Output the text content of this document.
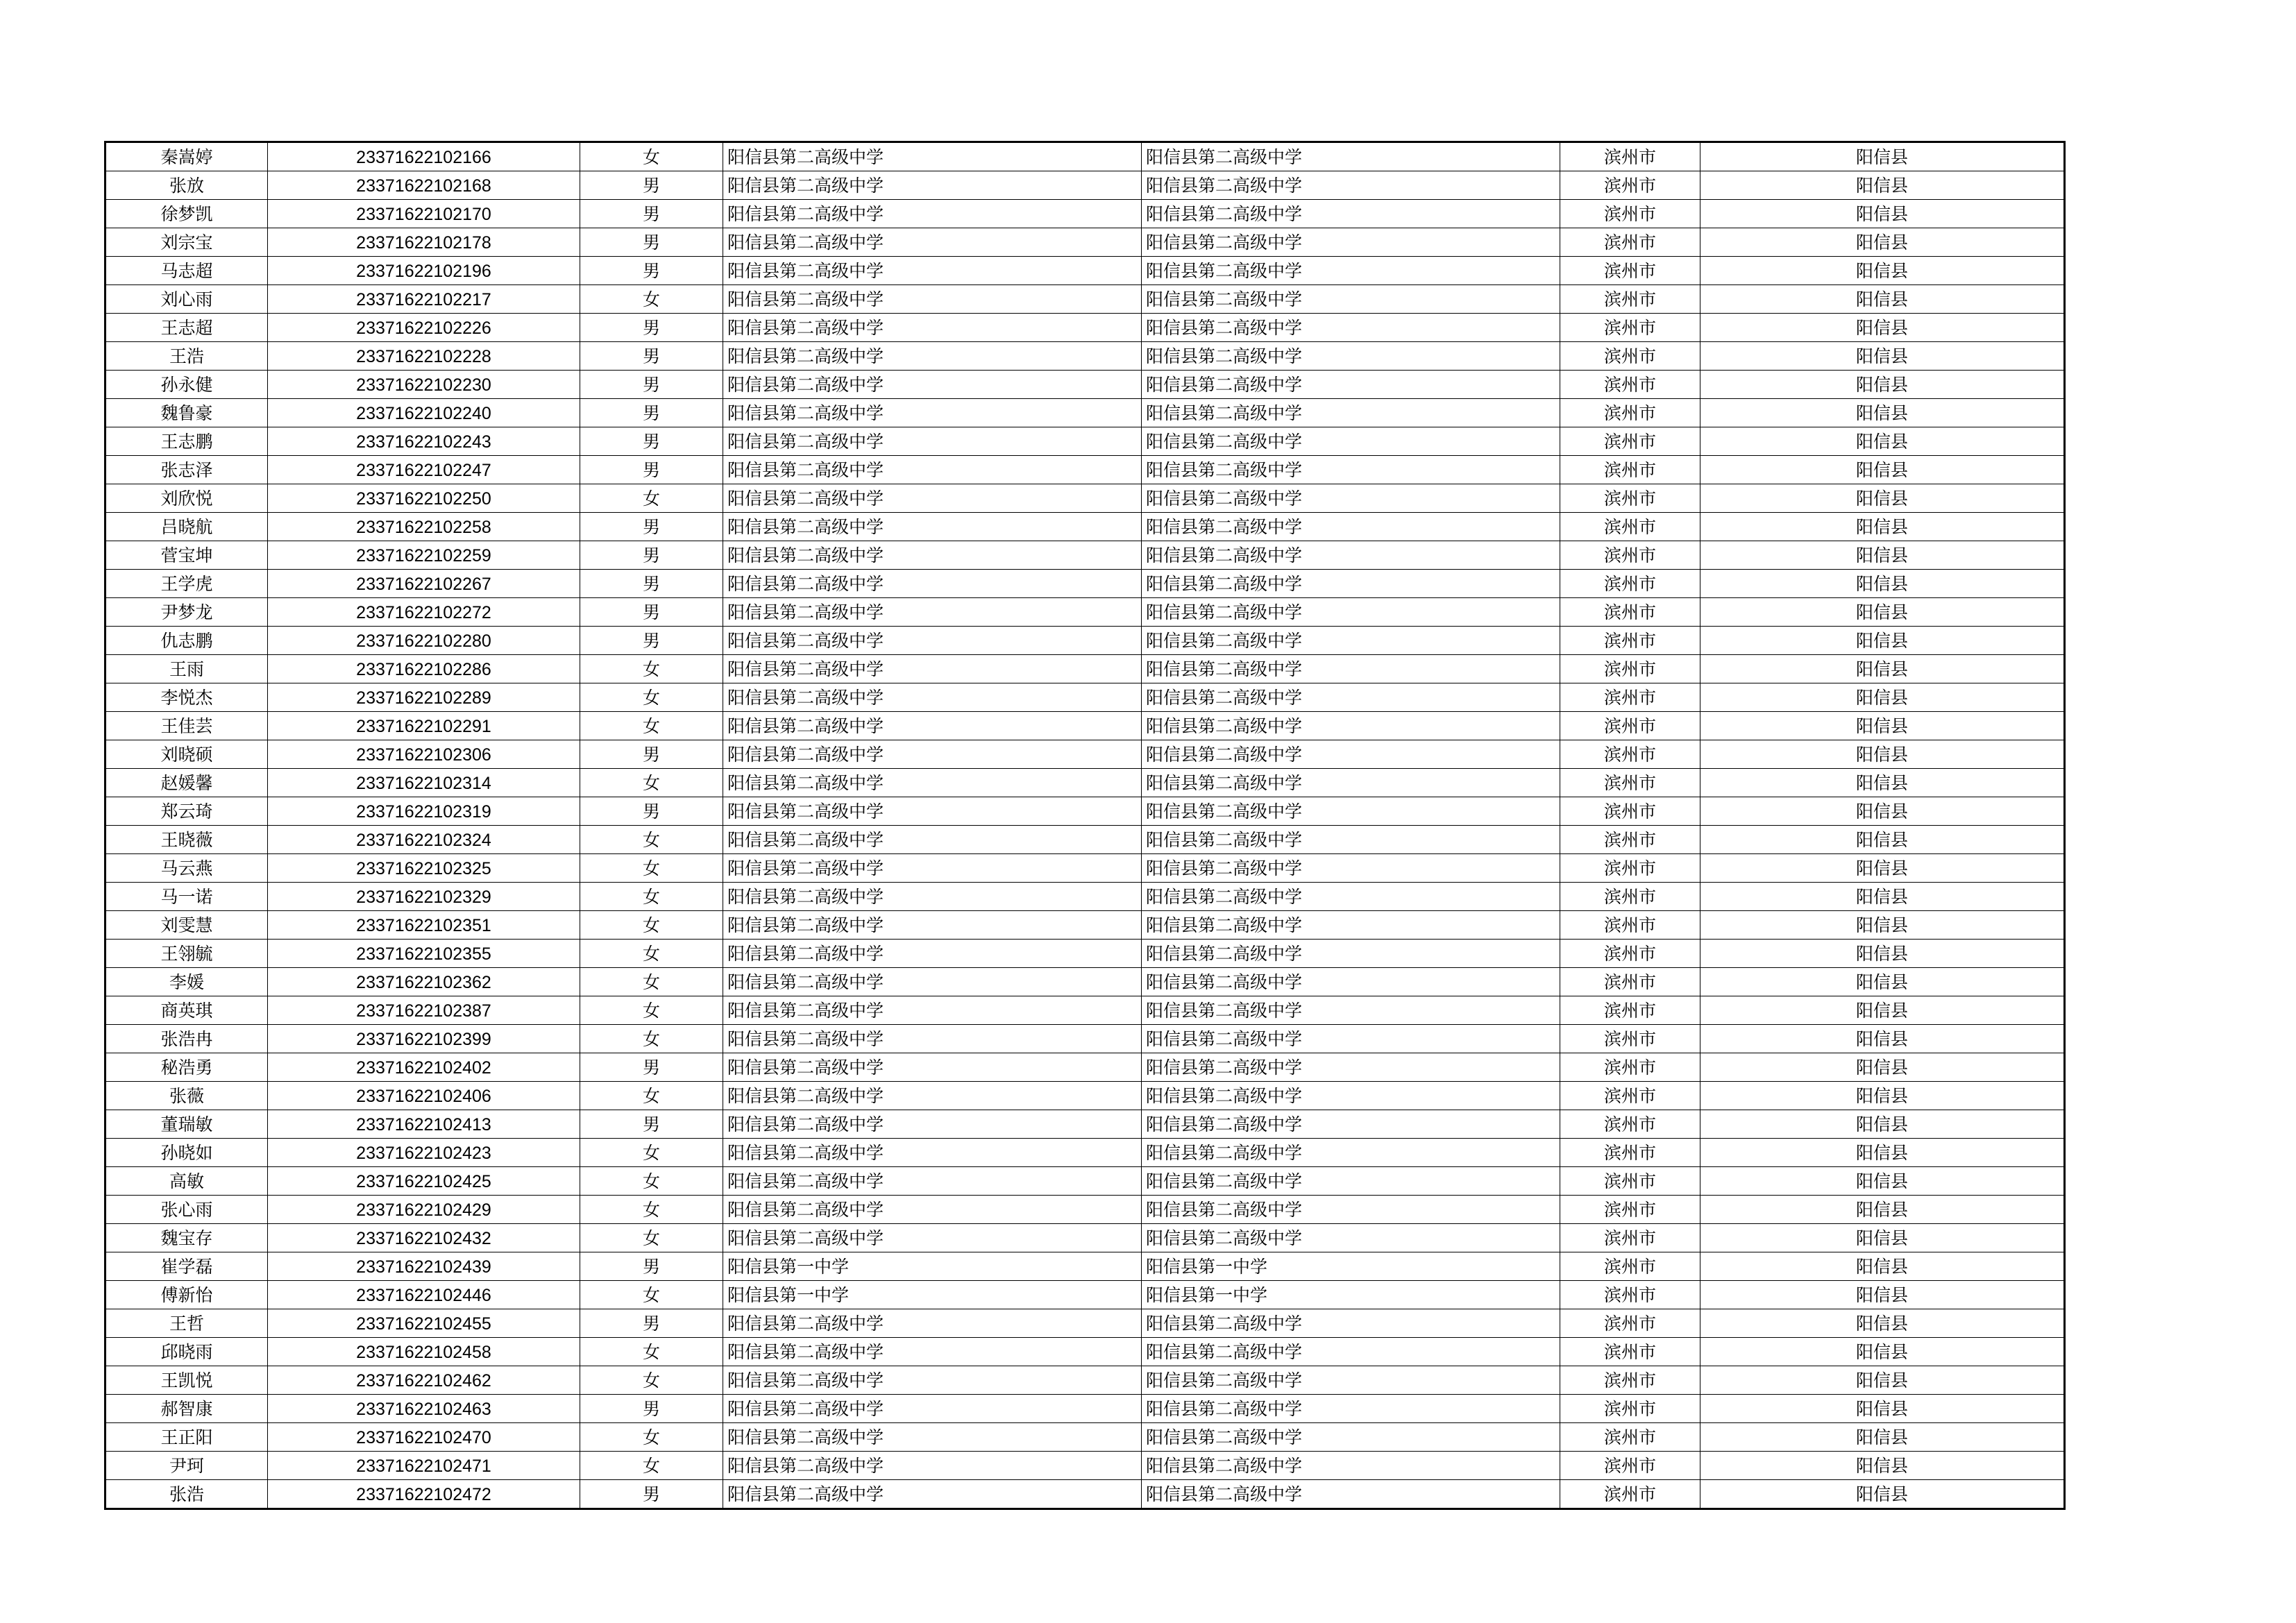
秦嵩婷	23371622102166	女	阳信县第二高级中学	阳信县第二高级中学	滨州市	阳信县
张放	23371622102168	男	阳信县第二高级中学	阳信县第二高级中学	滨州市	阳信县
徐梦凯	23371622102170	男	阳信县第二高级中学	阳信县第二高级中学	滨州市	阳信县
刘宗宝	23371622102178	男	阳信县第二高级中学	阳信县第二高级中学	滨州市	阳信县
马志超	23371622102196	男	阳信县第二高级中学	阳信县第二高级中学	滨州市	阳信县
刘心雨	23371622102217	女	阳信县第二高级中学	阳信县第二高级中学	滨州市	阳信县
王志超	23371622102226	男	阳信县第二高级中学	阳信县第二高级中学	滨州市	阳信县
王浩	23371622102228	男	阳信县第二高级中学	阳信县第二高级中学	滨州市	阳信县
孙永健	23371622102230	男	阳信县第二高级中学	阳信县第二高级中学	滨州市	阳信县
魏鲁豪	23371622102240	男	阳信县第二高级中学	阳信县第二高级中学	滨州市	阳信县
王志鹏	23371622102243	男	阳信县第二高级中学	阳信县第二高级中学	滨州市	阳信县
张志泽	23371622102247	男	阳信县第二高级中学	阳信县第二高级中学	滨州市	阳信县
刘欣悦	23371622102250	女	阳信县第二高级中学	阳信县第二高级中学	滨州市	阳信县
吕晓航	23371622102258	男	阳信县第二高级中学	阳信县第二高级中学	滨州市	阳信县
菅宝坤	23371622102259	男	阳信县第二高级中学	阳信县第二高级中学	滨州市	阳信县
王学虎	23371622102267	男	阳信县第二高级中学	阳信县第二高级中学	滨州市	阳信县
尹梦龙	23371622102272	男	阳信县第二高级中学	阳信县第二高级中学	滨州市	阳信县
仇志鹏	23371622102280	男	阳信县第二高级中学	阳信县第二高级中学	滨州市	阳信县
王雨	23371622102286	女	阳信县第二高级中学	阳信县第二高级中学	滨州市	阳信县
李悦杰	23371622102289	女	阳信县第二高级中学	阳信县第二高级中学	滨州市	阳信县
王佳芸	23371622102291	女	阳信县第二高级中学	阳信县第二高级中学	滨州市	阳信县
刘晓硕	23371622102306	男	阳信县第二高级中学	阳信县第二高级中学	滨州市	阳信县
赵媛馨	23371622102314	女	阳信县第二高级中学	阳信县第二高级中学	滨州市	阳信县
郑云琦	23371622102319	男	阳信县第二高级中学	阳信县第二高级中学	滨州市	阳信县
王晓薇	23371622102324	女	阳信县第二高级中学	阳信县第二高级中学	滨州市	阳信县
马云燕	23371622102325	女	阳信县第二高级中学	阳信县第二高级中学	滨州市	阳信县
马一诺	23371622102329	女	阳信县第二高级中学	阳信县第二高级中学	滨州市	阳信县
刘雯慧	23371622102351	女	阳信县第二高级中学	阳信县第二高级中学	滨州市	阳信县
王翎毓	23371622102355	女	阳信县第二高级中学	阳信县第二高级中学	滨州市	阳信县
李媛	23371622102362	女	阳信县第二高级中学	阳信县第二高级中学	滨州市	阳信县
商英琪	23371622102387	女	阳信县第二高级中学	阳信县第二高级中学	滨州市	阳信县
张浩冉	23371622102399	女	阳信县第二高级中学	阳信县第二高级中学	滨州市	阳信县
秘浩勇	23371622102402	男	阳信县第二高级中学	阳信县第二高级中学	滨州市	阳信县
张薇	23371622102406	女	阳信县第二高级中学	阳信县第二高级中学	滨州市	阳信县
董瑞敏	23371622102413	男	阳信县第二高级中学	阳信县第二高级中学	滨州市	阳信县
孙晓如	23371622102423	女	阳信县第二高级中学	阳信县第二高级中学	滨州市	阳信县
高敏	23371622102425	女	阳信县第二高级中学	阳信县第二高级中学	滨州市	阳信县
张心雨	23371622102429	女	阳信县第二高级中学	阳信县第二高级中学	滨州市	阳信县
魏宝存	23371622102432	女	阳信县第二高级中学	阳信县第二高级中学	滨州市	阳信县
崔学磊	23371622102439	男	阳信县第一中学	阳信县第一中学	滨州市	阳信县
傅新怡	23371622102446	女	阳信县第一中学	阳信县第一中学	滨州市	阳信县
王哲	23371622102455	男	阳信县第二高级中学	阳信县第二高级中学	滨州市	阳信县
邱晓雨	23371622102458	女	阳信县第二高级中学	阳信县第二高级中学	滨州市	阳信县
王凯悦	23371622102462	女	阳信县第二高级中学	阳信县第二高级中学	滨州市	阳信县
郝智康	23371622102463	男	阳信县第二高级中学	阳信县第二高级中学	滨州市	阳信县
王正阳	23371622102470	女	阳信县第二高级中学	阳信县第二高级中学	滨州市	阳信县
尹珂	23371622102471	女	阳信县第二高级中学	阳信县第二高级中学	滨州市	阳信县
张浩	23371622102472	男	阳信县第二高级中学	阳信县第二高级中学	滨州市	阳信县
